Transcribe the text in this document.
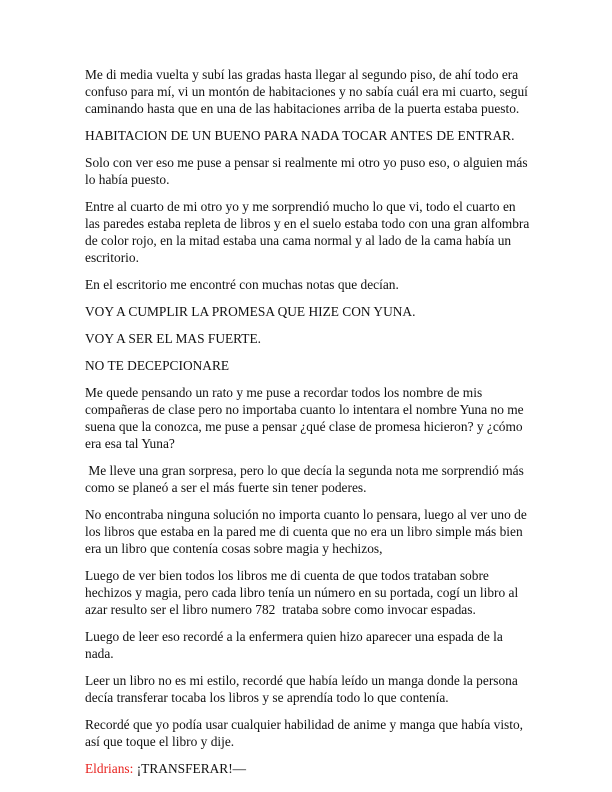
Me di media vuelta y subí las gradas hasta llegar al segundo piso, de ahí todo era confuso para mí, vi un montón de habitaciones y no sabía cuál era mi cuarto, seguí caminando hasta que en una de las habitaciones arriba de la puerta estaba puesto.

HABITACION DE UN BUENO PARA NADA TOCAR ANTES DE ENTRAR.

Solo con ver eso me puse a pensar si realmente mi otro yo puso eso, o alguien más lo había puesto.

Entre al cuarto de mi otro yo y me sorprendió mucho lo que vi, todo el cuarto en las paredes estaba repleta de libros y en el suelo estaba todo con una gran alfombra de color rojo, en la mitad estaba una cama normal y al lado de la cama había un escritorio.

En el escritorio me encontré con muchas notas que decían.

VOY A CUMPLIR LA PROMESA QUE HIZE CON YUNA.

VOY A SER EL MAS FUERTE.

NO TE DECEPCIONARE

Me quede pensando un rato y me puse a recordar todos los nombre de mis compañeras de clase pero no importaba cuanto lo intentara el nombre Yuna no me suena que la conozca, me puse a pensar ¿qué clase de promesa hicieron? y ¿cómo era esa tal Yuna?

Me lleve una gran sorpresa, pero lo que decía la segunda nota me sorprendió más como se planeó a ser el más fuerte sin tener poderes.

No encontraba ninguna solución no importa cuanto lo pensara, luego al ver uno de los libros que estaba en la pared me di cuenta que no era un libro simple más bien era un libro que contenía cosas sobre magia y hechizos,

Luego de ver bien todos los libros me di cuenta de que todos trataban sobre hechizos y magia, pero cada libro tenía un número en su portada, cogí un libro al azar resulto ser el libro numero 782  trataba sobre como invocar espadas.

Luego de leer eso recordé a la enfermera quien hizo aparecer una espada de la nada.

Leer un libro no es mi estilo, recordé que había leído un manga donde la persona decía transferar tocaba los libros y se aprendía todo lo que contenía.

Recordé que yo podía usar cualquier habilidad de anime y manga que había visto, así que toque el libro y dije.

Eldrians: ¡TRANSFERAR!—
